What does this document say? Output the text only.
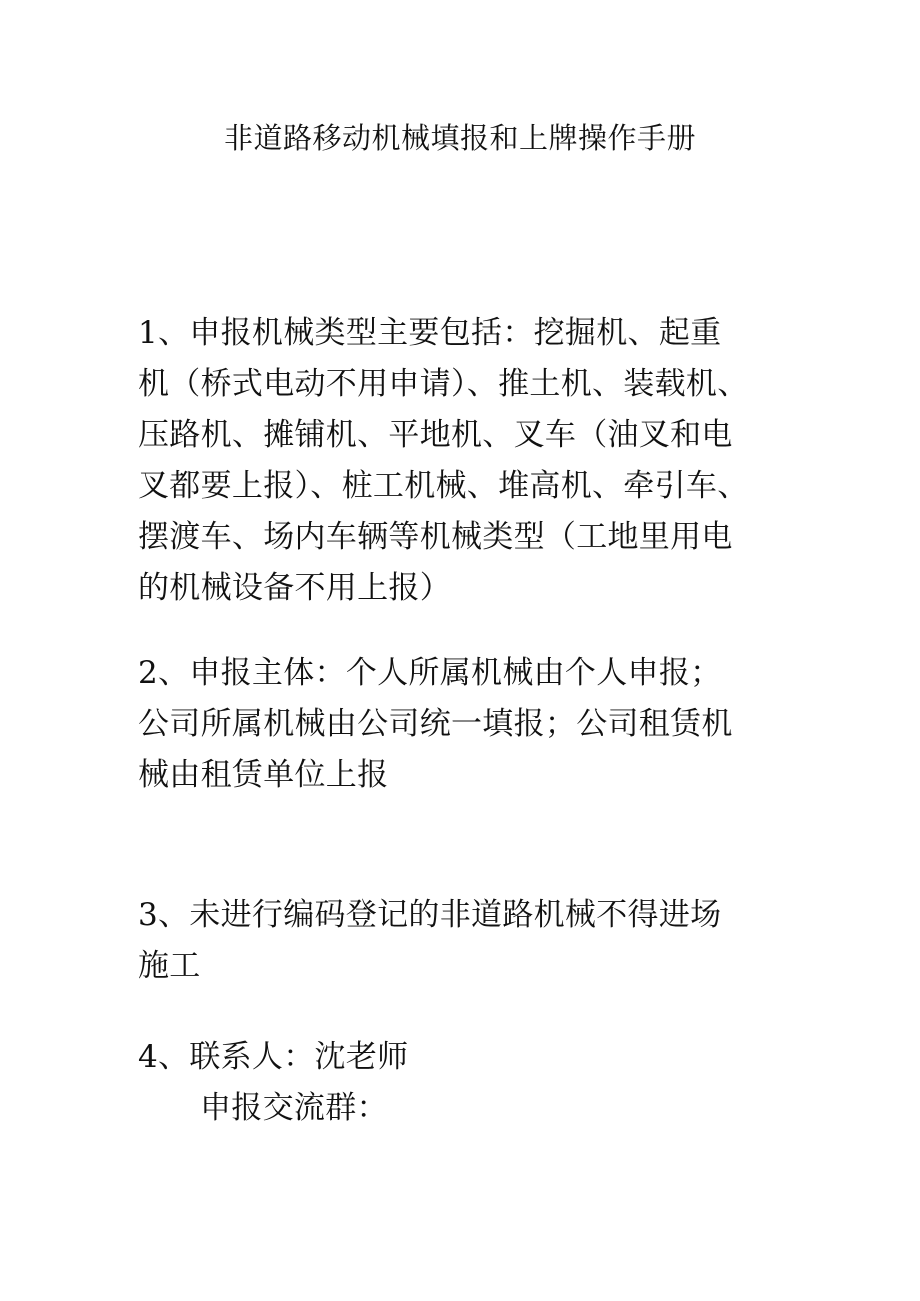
非道路移动机械填报和上牌操作手册
1、申报机械类型主要包括：挖掘机、起重
机（桥式电动不用申请）、推土机、装载机、
压路机、摊铺机、平地机、叉车（油叉和电
叉都要上报）、桩工机械、堆高机、牵引车、
摆渡车、场内车辆等机械类型（工地里用电
的机械设备不用上报）
2、申报主体：个人所属机械由个人申报；
公司所属机械由公司统一填报；公司租赁机
械由租赁单位上报
3、未进行编码登记的非道路机械不得进场
施工
4、联系人：沈老师
申报交流群：
